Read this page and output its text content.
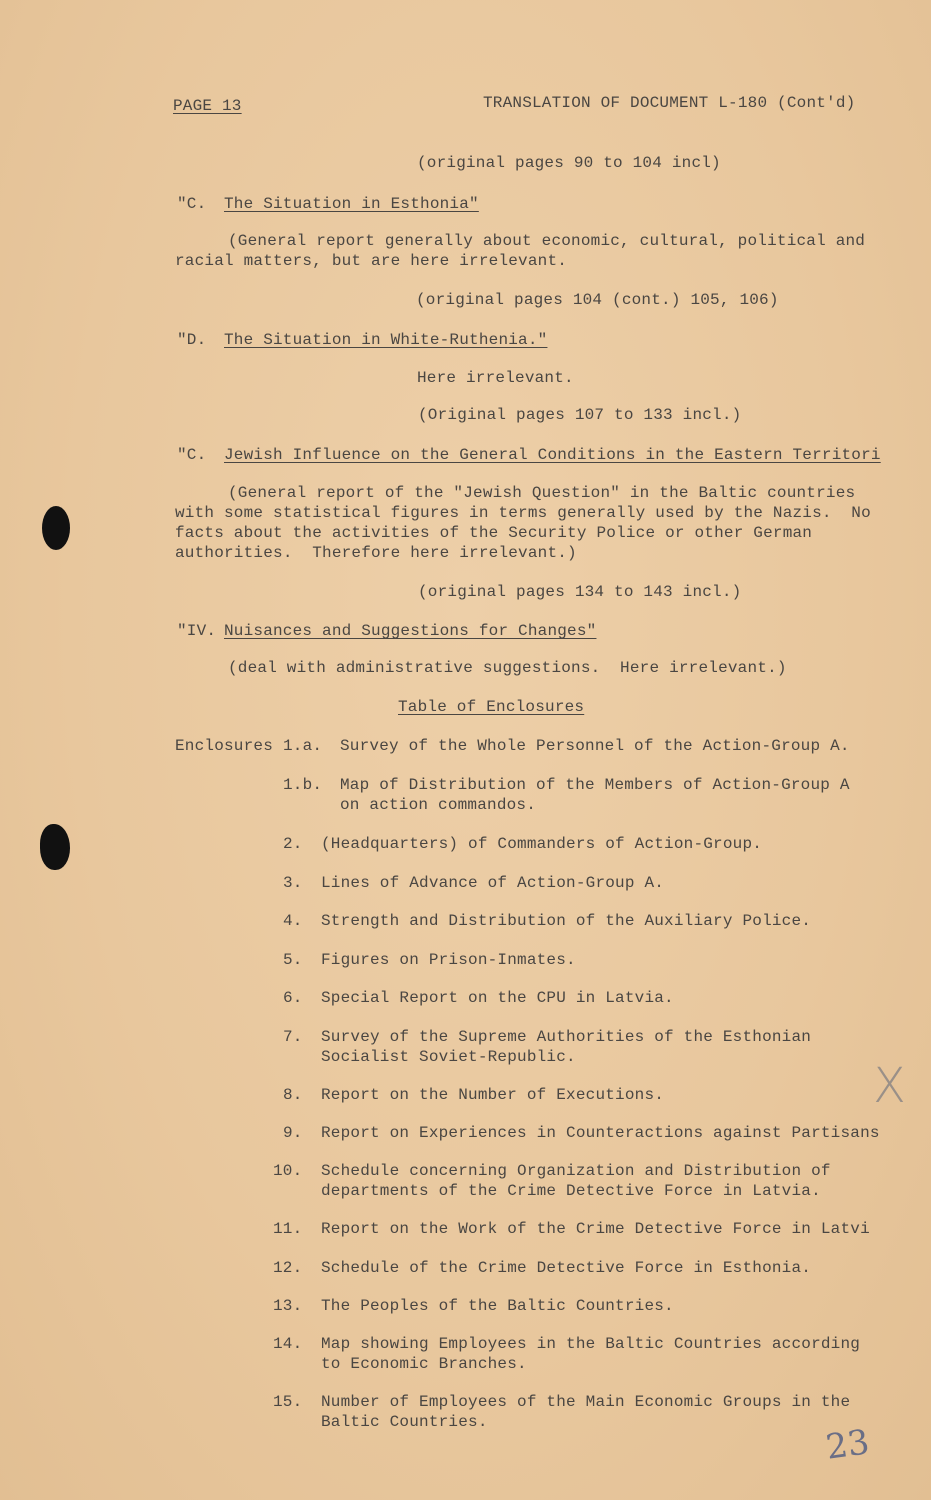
PAGE 13	TRANSLATION OF DOCUMENT L-180 (Cont'd)
(original pages 90 to 104 incl)
"C. The Situation in Esthonia"
(General report generally about economic, cultural, political and
racial matters, but are here irrelevant.
(original pages 104 (cont.) 105, 106)
"D. The Situation in White-Ruthenia."
Here irrelevant.
(Original pages 107 to 133 incl.)
"C. Jewish Influence on the General Conditions in the Eastern Territori
(General report of the "Jewish Question" in the Baltic countries
with some statistical figures in terms generally used by the Nazis.  No
facts about the activities of the Security Police or other German
authorities.  Therefore here irrelevant.)
(original pages 134 to 143 incl.)
"IV. Nuisances and Suggestions for Changes"
(deal with administrative suggestions.  Here irrelevant.)
Table of Enclosures
Enclosures 1.a. Survey of the Whole Personnel of the Action-Group A.
1.b. Map of Distribution of the Members of Action-Group A
on action commandos.
2. (Headquarters) of Commanders of Action-Group.
3. Lines of Advance of Action-Group A.
4. Strength and Distribution of the Auxiliary Police.
5. Figures on Prison-Inmates.
6. Special Report on the CPU in Latvia.
7. Survey of the Supreme Authorities of the Esthonian
Socialist Soviet-Republic.
8. Report on the Number of Executions.
9. Report on Experiences in Counteractions against Partisans
10. Schedule concerning Organization and Distribution of
departments of the Crime Detective Force in Latvia.
11. Report on the Work of the Crime Detective Force in Latvi
12. Schedule of the Crime Detective Force in Esthonia.
13. The Peoples of the Baltic Countries.
14. Map showing Employees in the Baltic Countries according
to Economic Branches.
15. Number of Employees of the Main Economic Groups in the
Baltic Countries.
X
23
